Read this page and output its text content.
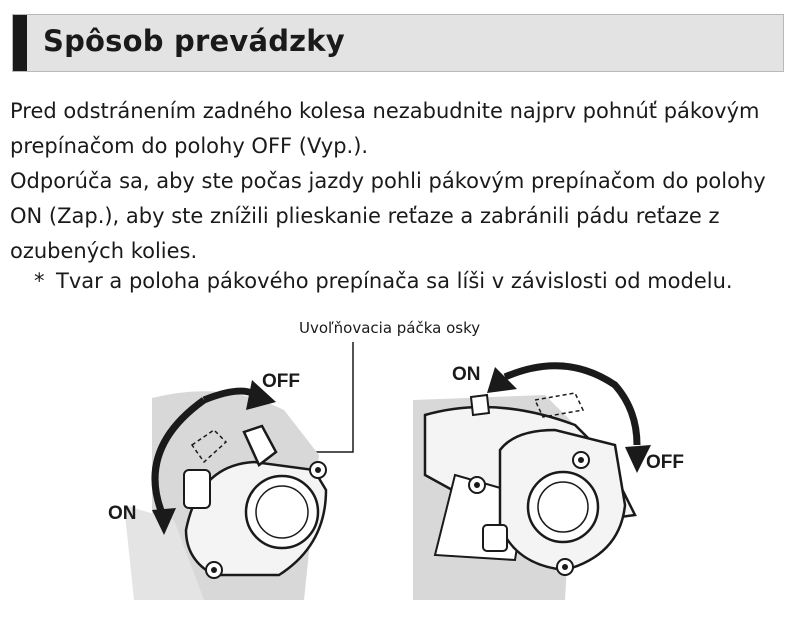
Spôsob prevádzky

Pred odstránením zadného kolesa nezabudnite najprv pohnúť pákovým prepínačom do polohy OFF (Vyp.).

Odporúča sa, aby ste počas jazdy pohli pákovým prepínačom do polohy ON (Zap.), aby ste znížili plieskanie reťaze a zabránili pádu reťaze z ozubených kolies.

* Tvar a poloha pákového prepínača sa líši v závislosti od modelu.
Uvoľňovacia páčka osky
OFF
ON
ON
OFF
